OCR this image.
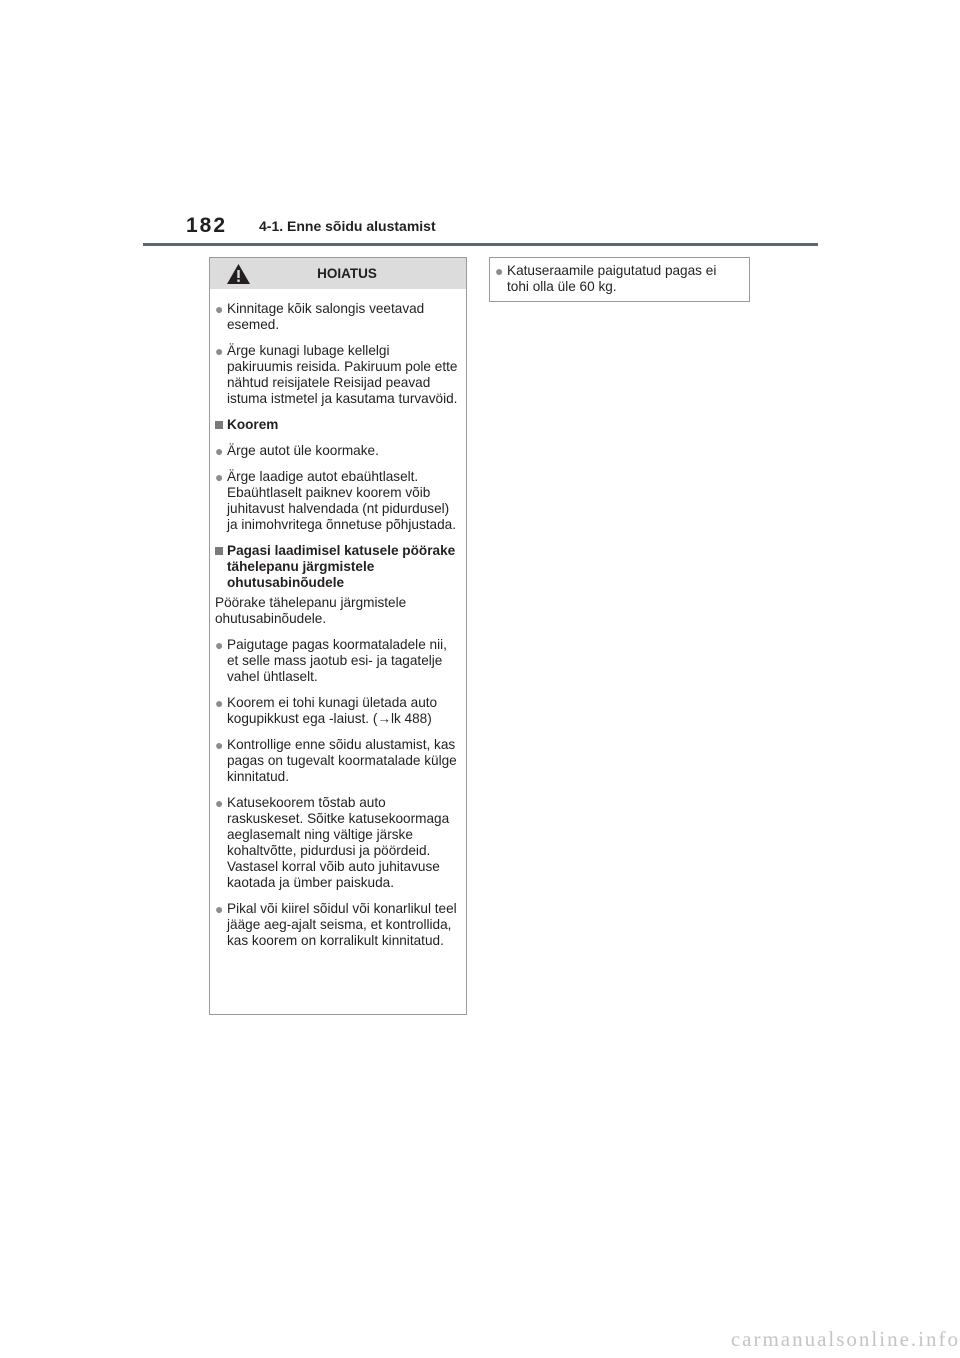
182 4-1. Enne sõidu alustamist
HOIATUS
● Kinnitage kõik salongis veetavad esemed.
● Ärge kunagi lubage kellelgi pakiruumis reisida. Pakiruum pole ette nähtud reisijatele Reisijad peavad istuma istmetel ja kasutama turvavöid.
Koorem
● Ärge autot üle koormake.
● Ärge laadige autot ebaühtlaselt. Ebaühtlaselt paiknev koorem võib juhitavust halvendada (nt pidurdusel) ja inimohvritega õnnetuse põhjustada.
Pagasi laadimisel katusele pöörake tähelepanu järgmistele ohutusabinõudele
Pöörake tähelepanu järgmistele ohutusabinõudele.
● Paigutage pagas koormataladele nii, et selle mass jaotub esi- ja tagatelje vahel ühtlaselt.
● Koorem ei tohi kunagi ületada auto kogupikkust ega -laiust. (→lk 488)
● Kontrollige enne sõidu alustamist, kas pagas on tugevalt koormatalade külge kinnitatud.
● Katusekoorem tõstab auto raskuskeset. Sõitke katusekoormaga aeglasemalt ning vältige järske kohaltvõtte, pidurdusi ja pöördeid. Vastasel korral võib auto juhitavuse kaotada ja ümber paiskuda.
● Pikal või kiirel sõidul või konarlikul teel jääge aeg-ajalt seisma, et kontrollida, kas koorem on korralikult kinnitatud.
● Katuseraamile paigutatud pagas ei tohi olla üle 60 kg.
carmanualsonline.info
